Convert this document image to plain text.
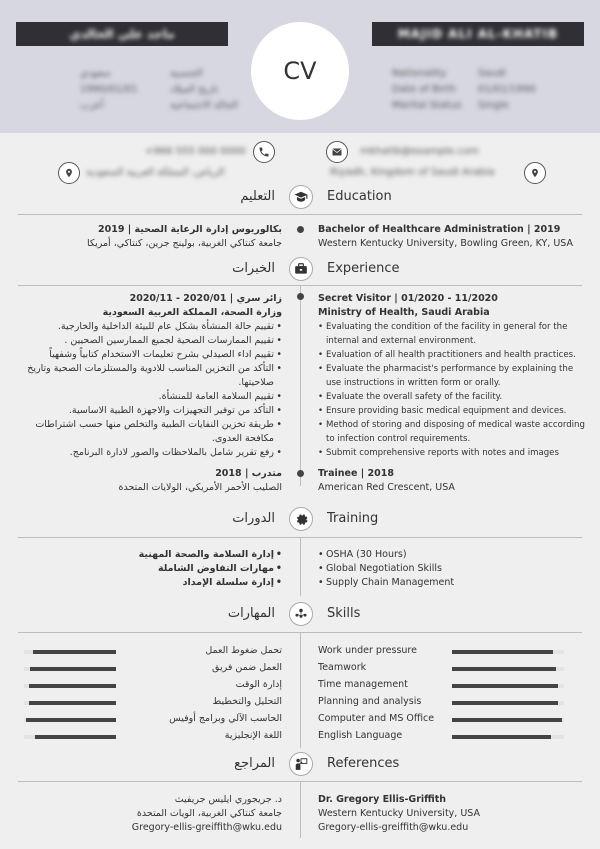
ماجد علي الخالدي	MAJID ALI AL-KHATIB
CV
الجنسية
سعودي
تاريخ الميلاد
1990/01/01
الحالة الاجتماعية
أعزب
Nationality	Saudi
Date of Birth 01/01/1990
Marital Status Single
+966 555 000 0000	mkhatib@example.com
الرياض، المملكة العربية السعودية	Riyadh, Kingdom of Saudi Arabia
التعليم	Education
بكالوريوس إدارة الرعاية الصحية | 2019
جامعة كنتاكي الغربية، بولينج جرين، كنتاكي، أمريكا
Bachelor of Healthcare Administration | 2019
Western Kentucky University, Bowling Green, KY, USA
الخبرات	Experience
زائر سري | 2020/01 - 2020/11
وزارة الصحة، المملكة العربية السعودية
• تقييم حالة المنشأة بشكل عام للبيئة الداخلية والخارجية.
• تقييم الممارسات الصحية لجميع الممارسين الصحيين .
• تقييم اداء الصيدلي بشرح تعليمات الاستخدام كتابياً وشفهياً
• التأكد من التخزين المناسب للادوية والمستلزمات الصحية وتاريخ صلاحيتها.
• تقييم السلامة العامة للمنشأة.
• التأكد من توفير التجهيزات والاجهزة الطبية الاساسية.
• طريقة تخزين النفايات الطبية والتخلص منها حسب اشتراطات مكافحة العدوى.
• رفع تقرير شامل بالملاحظات والصور لادارة البرنامج.
Secret Visitor | 01/2020 - 11/2020
Ministry of Health, Saudi Arabia
• Evaluating the condition of the facility in general for the internal and external environment.
• Evaluation of all health practitioners and health practices.
• Evaluate the pharmacist's performance by explaining the use instructions in written form or orally.
• Evaluate the overall safety of the facility.
• Ensure providing basic medical equipment and devices.
• Method of storing and disposing of medical waste according to infection control requirements.
• Submit comprehensive reports with notes and images
متدرب | 2018
الصليب الأحمر الأمريكي، الولايات المتحدة
Trainee | 2018
American Red Crescent, USA
الدورات	Training
• إدارة السلامة والصحة المهنية
• مهارات التفاوض الشاملة
• إدارة سلسلة الإمداد
• OSHA (30 Hours)
• Global Negotiation Skills
• Supply Chain Management
المهارات	Skills
تحمل ضغوط العمل	Work under pressure
العمل ضمن فريق	Teamwork
إدارة الوقت	Time management
التحليل والتخطيط	Planning and analysis
الحاسب الآلي وبرامج أوفيس	Computer and MS Office
اللغة الإنجليزية	English Language
المراجع	References
د. جريجوري ايليس جريفيث
جامعة كنتاكي الغربية، الويات المتحدة
Gregory-ellis-greiffith@wku.edu
Dr. Gregory Ellis-Griffith
Western Kentucky University, USA
Gregory-ellis-greiffith@wku.edu
